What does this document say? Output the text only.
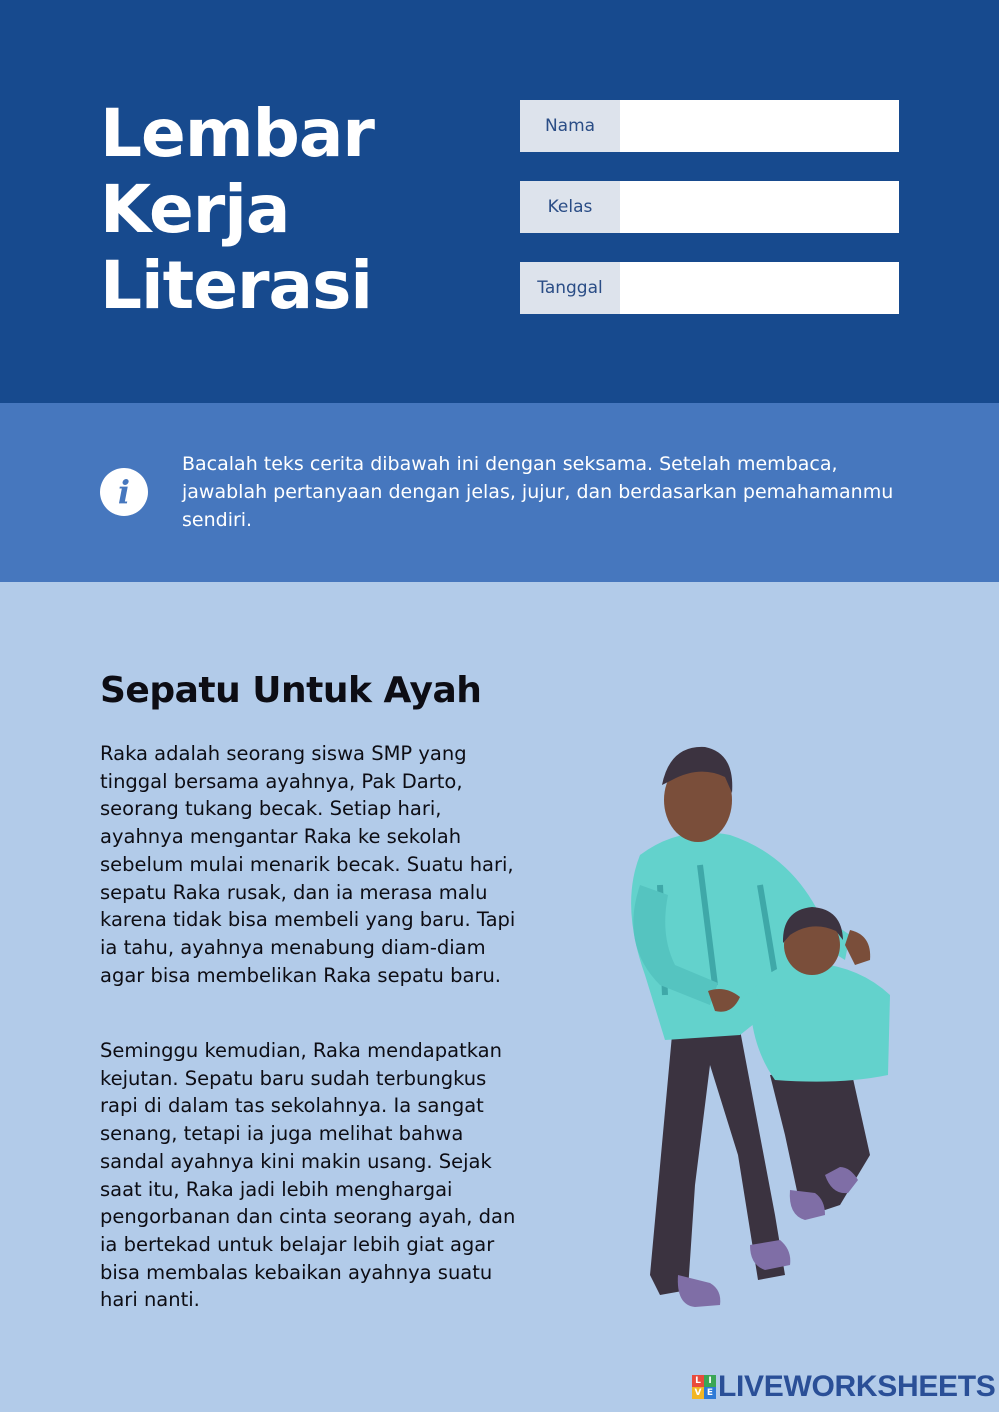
Lembar
Kerja
Literasi
Nama
Kelas
Tanggal
i

Bacalah teks cerita dibawah ini dengan seksama. Setelah membaca, jawablah pertanyaan dengan jelas, jujur, dan berdasarkan pemahamanmu sendiri.

Sepatu Untuk Ayah

Raka adalah seorang siswa SMP yang tinggal bersama ayahnya, Pak Darto, seorang tukang becak. Setiap hari, ayahnya mengantar Raka ke sekolah sebelum mulai menarik becak. Suatu hari, sepatu Raka rusak, dan ia merasa malu karena tidak bisa membeli yang baru. Tapi ia tahu, ayahnya menabung diam-diam agar bisa membelikan Raka sepatu baru.

Seminggu kemudian, Raka mendapatkan kejutan. Sepatu baru sudah terbungkus rapi di dalam tas sekolahnya. Ia sangat senang, tetapi ia juga melihat bahwa sandal ayahnya kini makin usang. Sejak saat itu, Raka jadi lebih menghargai pengorbanan dan cinta seorang ayah, dan ia bertekad untuk belajar lebih giat agar bisa membalas kebaikan ayahnya suatu hari nanti.

L I
V E LIVEWORKSHEETS
